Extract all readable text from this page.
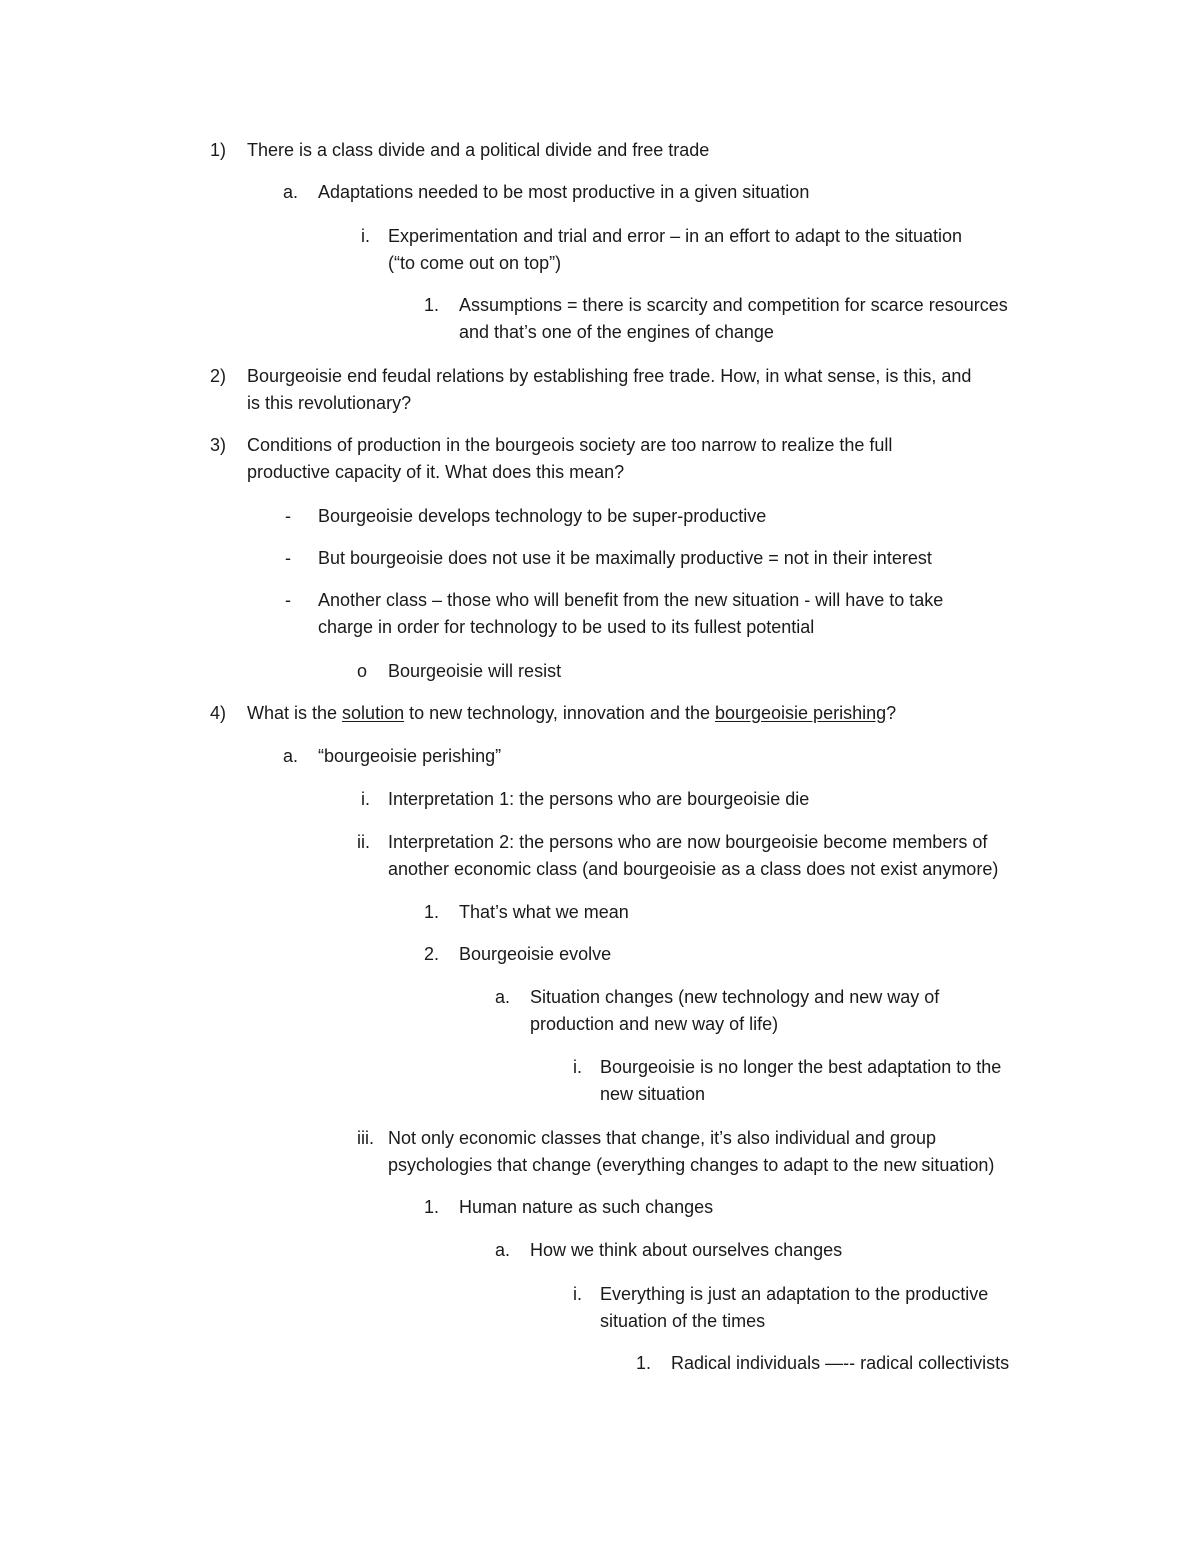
1) There is a class divide and a political divide and free trade
a. Adaptations needed to be most productive in a given situation
i. Experimentation and trial and error – in an effort to adapt to the situation
(“to come out on top”)
1. Assumptions = there is scarcity and competition for scarce resources
and that’s one of the engines of change
2) Bourgeoisie end feudal relations by establishing free trade. How, in what sense, is this, and
is this revolutionary?
3) Conditions of production in the bourgeois society are too narrow to realize the full
productive capacity of it. What does this mean?
- Bourgeoisie develops technology to be super-productive
- But bourgeoisie does not use it be maximally productive = not in their interest
- Another class – those who will benefit from the new situation - will have to take
charge in order for technology to be used to its fullest potential
o Bourgeoisie will resist
4) What is the solution to new technology, innovation and the bourgeoisie perishing?
a. “bourgeoisie perishing”
i. Interpretation 1: the persons who are bourgeoisie die
ii. Interpretation 2: the persons who are now bourgeoisie become members of
another economic class (and bourgeoisie as a class does not exist anymore)
1. That’s what we mean
2. Bourgeoisie evolve
a. Situation changes (new technology and new way of
production and new way of life)
i. Bourgeoisie is no longer the best adaptation to the
new situation
iii. Not only economic classes that change, it’s also individual and group
psychologies that change (everything changes to adapt to the new situation)
1. Human nature as such changes
a. How we think about ourselves changes
i. Everything is just an adaptation to the productive
situation of the times
1. Radical individuals —-- radical collectivists
